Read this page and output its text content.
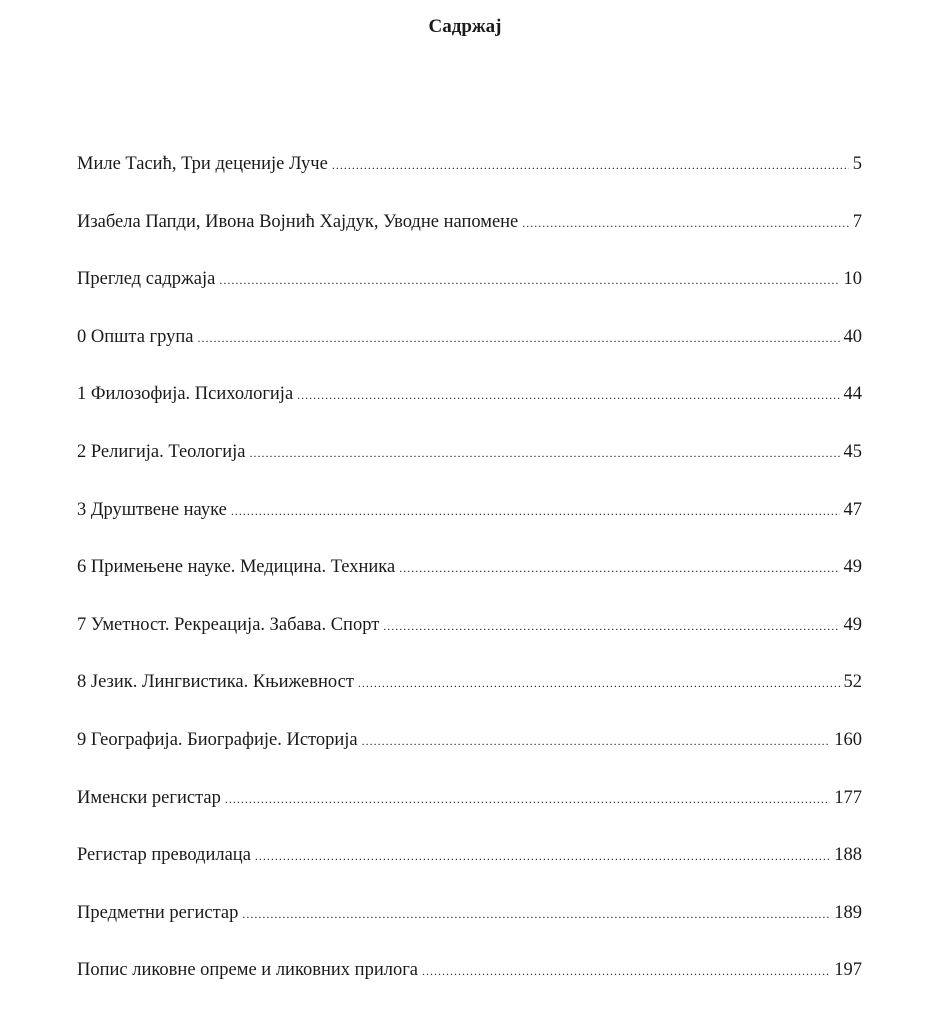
Садржај
Миле Тасић, Три деценије Луче .....	5
Изабела Папди, Ивона Војнић Хајдук, Уводне напомене .....	7
Преглед садржаја .....	10
0 Општа група .....	40
1 Филозофија. Психологија .....	44
2 Религија. Теологија .....	45
3 Друштвене науке .....	47
6 Примењене науке. Медицина. Техника .....	49
7 Уметност. Рекреација. Забава. Спорт .....	49
8 Језик. Лингвистика. Књижевност .....	52
9 Географија. Биографије. Историја .....	160
Именски регистар .....	177
Регистар преводилаца .....	188
Предметни регистар .....	189
Попис ликовне опреме и ликовних прилога .....	197
